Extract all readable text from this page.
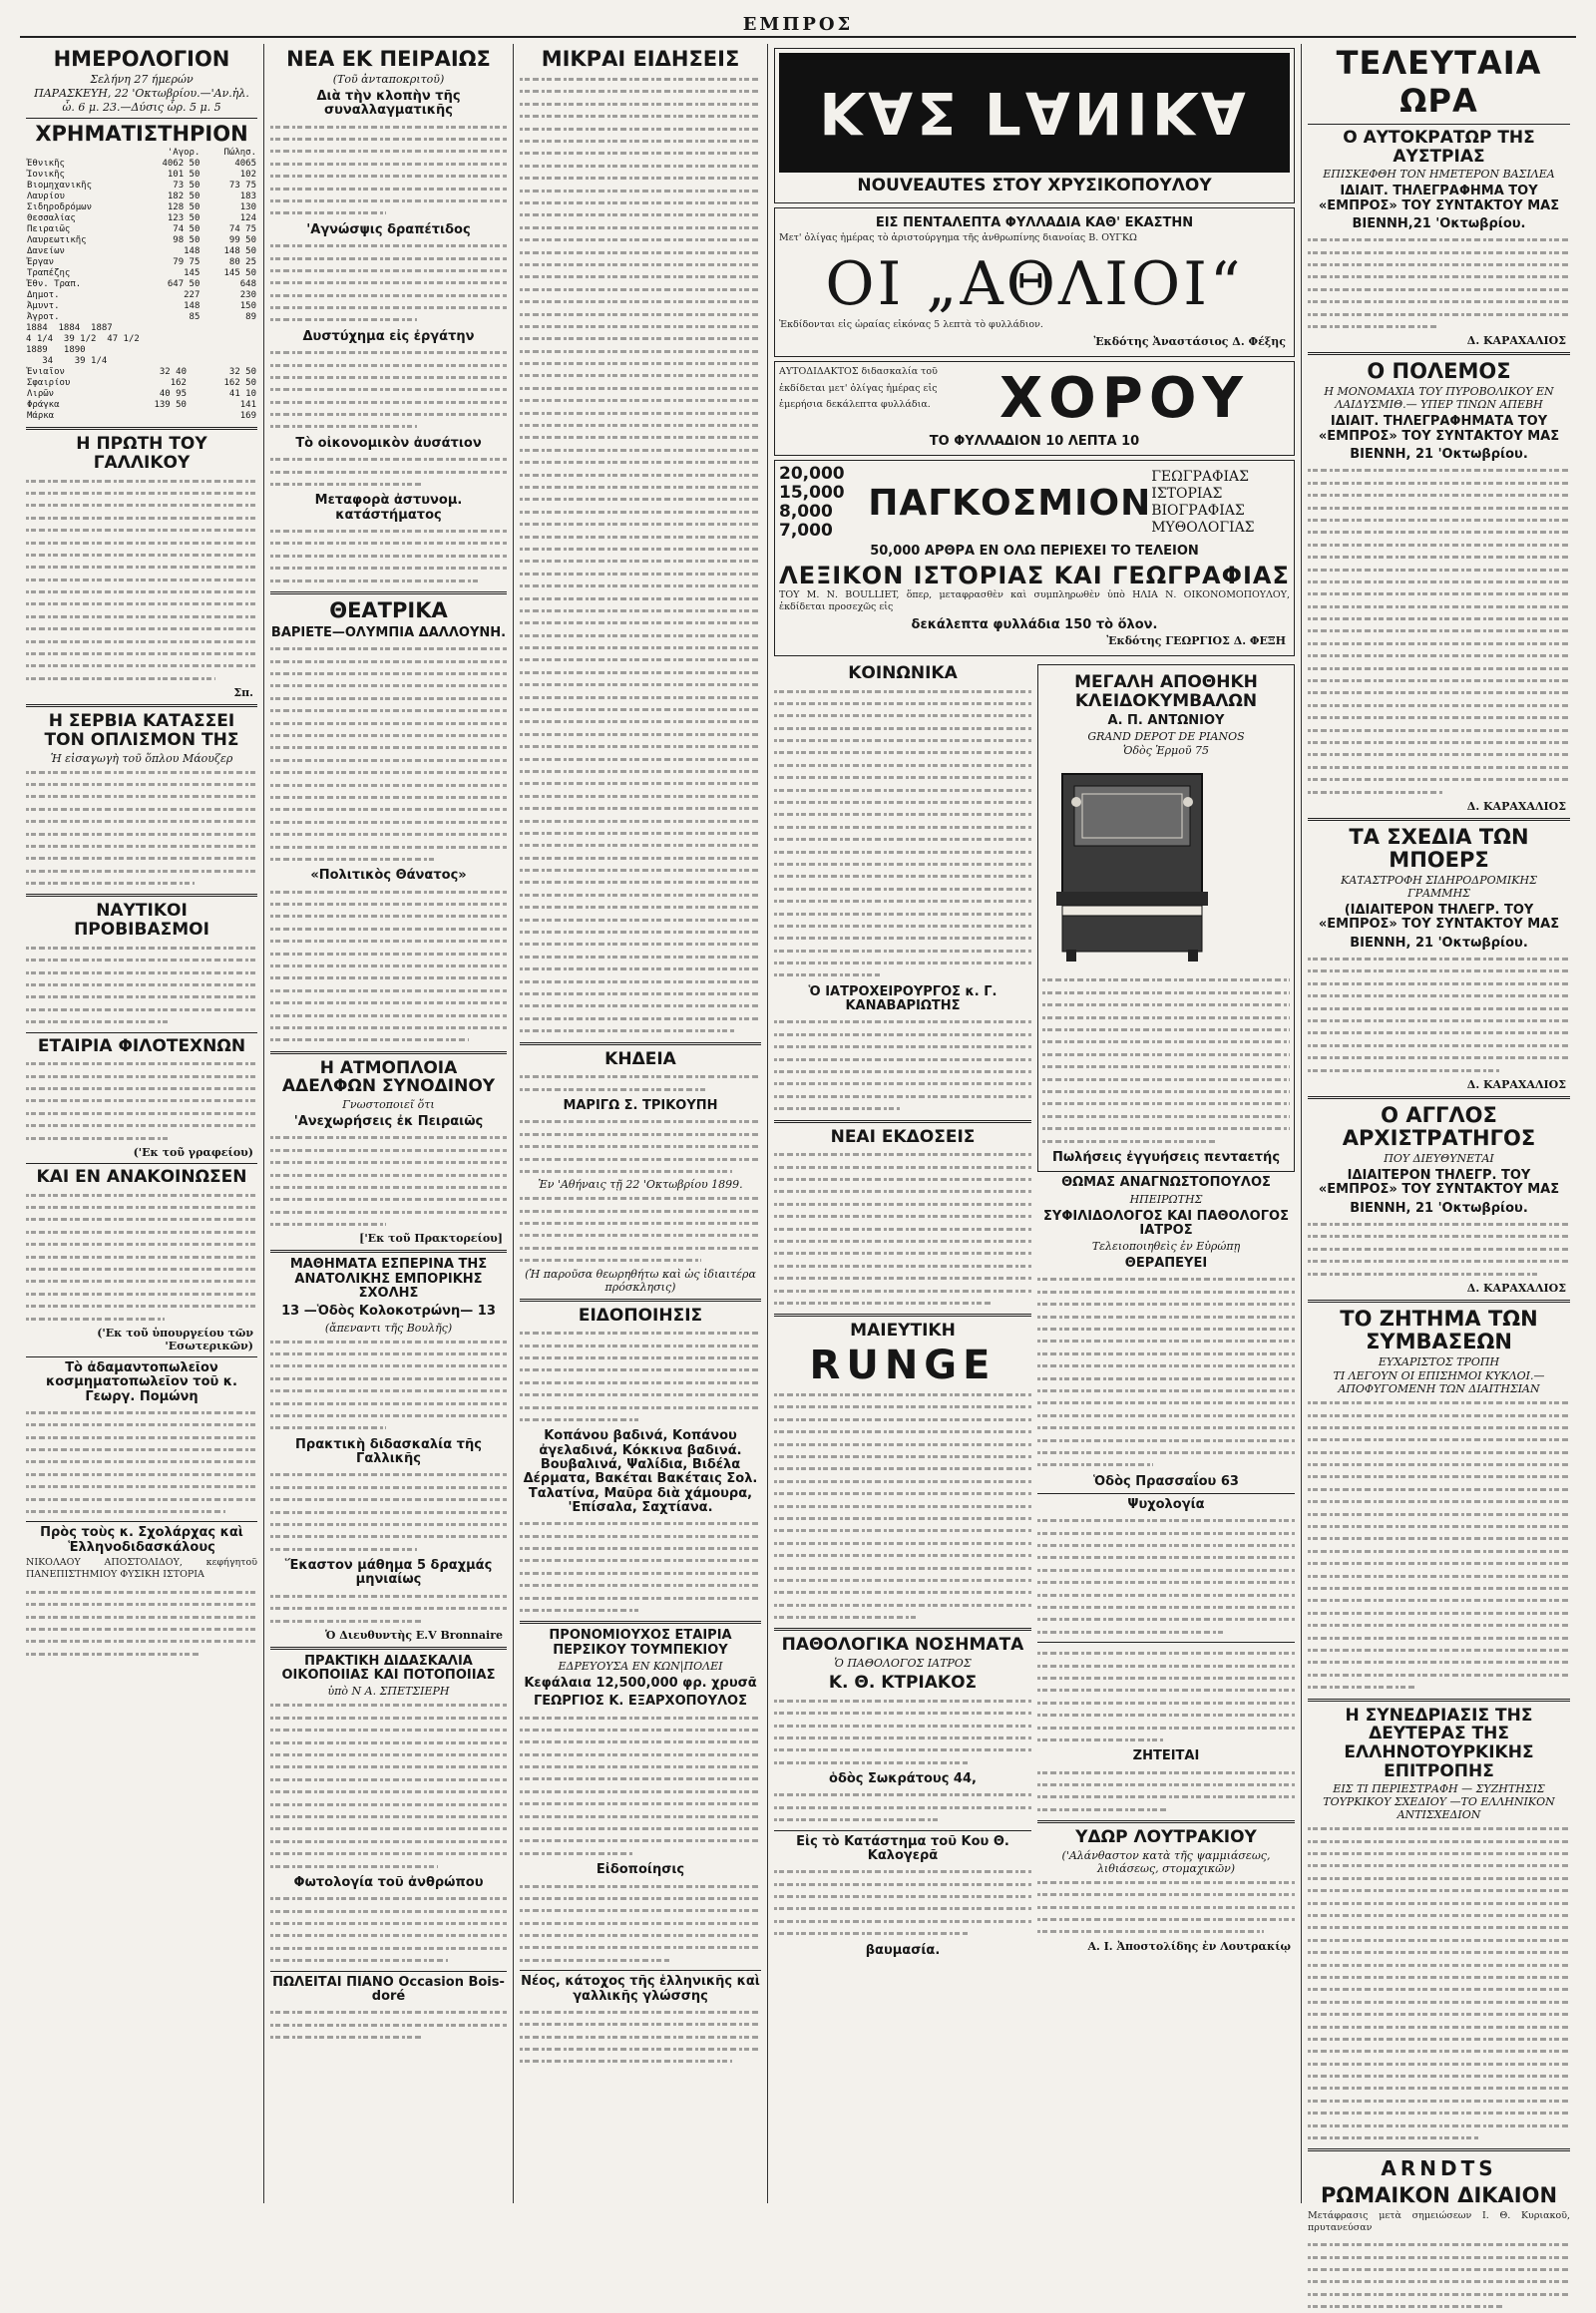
ΕΜΠΡΟΣ
ΗΜΕΡΟΛΟΓΙΟΝ
Σελήνη 27 ήμερών
ΠΑΡΑΣΚΕΥΗ, 22 'Οκτωβρίου.—'Αν.ἡλ.
ὧ. 6 μ. 23.—Δύσις ὧρ. 5 μ. 5
ΧΡΗΜΑΤΙΣΤΗΡΙΟΝ
	'Αγορ.	Πώλησ.
Ἐθνικῆς	4062 50	4065
Ἰονικῆς	101 50	102
Βιομηχανικῆς	73 50	73 75
Λαυρίου	182 50	183
Σιδηροδρόμων	128 50	130
Θεσσαλίας	123 50	124
Πειραιῶς	74 50	74 75
Λαυρεωτικῆς	98 50	99 50
Δανείων	148	148 50
Ἐργαν	79 75	80 25
Τραπέζης	145	145 50
Ἐθν. Τραπ.	647 50	648
Δημοτ.	227	230
Ἀμυντ.	148	150
Ἀγροτ.	85	89
1884  1884  1887
4 1/4  39 1/2  47 1/2
1889   1890
34    39 1/4
Ἑνιαῖον	32 40	32 50
Σφαιρίου	162	162 50
Λιρῶν	40 95	41 10
Φράγκα	139 50	141
Μάρκα		169
Η ΠΡΩΤΗ ΤΟΥ ΓΑΛΛΙΚΟΥ
Σπ.
Η ΣΕΡΒΙΑ ΚΑΤΑΣΣΕΙ ΤΟΝ ΟΠΛΙΣΜΟΝ ΤΗΣ
Ἡ εἰσαγωγὴ τοῦ ὅπλου Μάουζερ
ΝΑΥΤΙΚΟΙ ΠΡΟΒΙΒΑΣΜΟΙ
ΕΤΑΙΡΙΑ ΦΙΛΟΤΕΧΝΩΝ
('Εκ τοῦ γραφείου)
ΚΑΙ ΕΝ ΑΝΑΚΟΙΝΩΣΕΝ
('Εκ τοῦ ὑπουργείου τῶν 'Εσωτερικῶν)
Τὸ ἀδαμαντοπωλεῖον κοσμηματοπωλεῖον τοῦ κ. Γεωργ. Πομώνη
Πρὸς τοὺς κ. Σχολάρχας καὶ Ἑλληνοδιδασκάλους
ΝΙΚΟΛΑΟΥ ΑΠΟΣΤΟΛΙΔΟΥ, κεφήγητοῦ ΠΑΝΕΠΙΣΤΗΜΙΟΥ ΦΥΣΙΚΗ ΙΣΤΟΡΙΑ
ΝΕΑ ΕΚ ΠΕΙΡΑΙΩΣ
(Τοῦ ἀνταποκριτοῦ)
Διὰ τὴν κλοπὴν τῆς συναλλαγματικῆς
'Αγνώσψις δραπέτιδος
Δυστύχημα εἰς ἐργάτην
Τὸ οἰκονομικὸν ἀυσάτιον
Μεταφορὰ ἀστυνομ. κατάστήματος
ΘΕΑΤΡΙΚΑ
ΒΑΡΙΕΤΕ—ΟΛΥΜΠΙΑ ΔΑΛΛΟΥΝΗ.
«Πολιτικὸς Θάνατος»
Η ΑΤΜΟΠΛΟΙΑ ΑΔΕΛΦΩΝ ΣΥΝΟΔΙΝΟΥ
Γνωστοποιεῖ ὅτι
'Ανεχωρήσεις ἐκ Πειραιῶς
['Εκ τοῦ Πρακτορείου]
ΜΑΘΗΜΑΤΑ ΕΣΠΕΡΙΝΑ ΤΗΣ ΑΝΑΤΟΛΙΚΗΣ ΕΜΠΟΡΙΚΗΣ ΣΧΟΛΗΣ
13 —Ὁδὸς Κολοκοτρώνη— 13
(ἄπεναντι τῆς Βουλῆς)
Πρακτικὴ διδασκαλία τῆς Γαλλικῆς
Ἕκαστον μάθημα 5 δραχμάς μηνιαίως
Ὁ Διευθυντὴς E.V Bronnaire
ΠΡΑΚΤΙΚΗ ΔΙΔΑΣΚΑΛΙΑ ΟΙΚΟΠΟΙΙΑΣ ΚΑΙ ΠΟΤΟΠΟΙΙΑΣ
ὑπὸ Ν Α. ΣΠΕΤΣΙΕΡΗ
Φωτολογία τοῦ ἀνθρώπου
ΠΩΛΕΙΤΑΙ ΠΙΑΝΟ Occasion Bois-doré
ΜΙΚΡΑΙ ΕΙΔΗΣΕΙΣ
ΚΗΔΕΙΑ
ΜΑΡΙΓΩ Σ. ΤΡΙΚΟΥΠΗ
Ἐν 'Αθήναις τῇ 22 'Οκτωβρίου 1899.
(Ἡ παροῦσα θεωρηθήτω καὶ ὡς ἰδιαιτέρα πρόσκλησις)
ΕΙΔΟΠΟΙΗΣΙΣ
Κοπάνου βαδινά, Κοπάνου ἀγελαδινά, Κόκκινα βαδινά. Βουβαλινά, Ψαλίδια, Βιδέλα Δέρματα, Βακέται Βακέταις Σολ. Ταλατίνα, Μαῦρα διὰ χάμουρα, 'Επίσαλα, Σαχτίανα.
ΠΡΟΝΟΜΙΟΥΧΟΣ ΕΤΑΙΡΙΑ ΠΕΡΣΙΚΟΥ ΤΟΥΜΠΕΚΙΟΥ
ΕΔΡΕΥΟΥΣΑ ΕΝ ΚΩΝ|ΠΟΛΕΙ
Κεφάλαια 12,500,000 φρ. χρυσᾶ
ΓΕΩΡΓΙΟΣ Κ. ΕΞΑΡΧΟΠΟΥΛΟΣ
Εἰδοποίησις
Νέος, κάτοχος τῆς ἑλληνικῆς καὶ γαλλικῆς γλώσσης
ΚΑΣ ΓΑΝΙΚΑ
NOUVEAUTES ΣΤΟΥ ΧΡΥΣΙΚΟΠΟΥΛΟΥ
ΕΙΣ ΠΕΝΤΑΛΕΠΤΑ ΦΥΛΛΑΔΙΑ ΚΑΘ' ΕΚΑΣΤΗΝ
Μετ' ὀλίγας ἡμέρας τὸ ἀριστούργημα τῆς ἀνθρωπίνης διανοίας Β. ΟΥΓΚΩ
ΟΙ „ΑΘΛΙΟΙ“
Ἐκδίδονται εἰς ὡραίας εἰκόνας 5 λεπτὰ τὸ φυλλάδιον.
Ἐκδότης Ἀναστάσιος Δ. Φέξης
ΑΥΤΟΔΙΔΑΚΤΟΣ διδασκαλία τοῦ
ἐκδίδεται μετ' ὀλίγας ἡμέρας εἰς
ἑμερήσια δεκάλεπτα φυλλάδια.	ΧΟΡΟΥ
ΤΟ ΦΥΛΛΑΔΙΟΝ 10 ΛΕΠΤΑ 10
20,000
15,000
8,000
7,000
ΠΑΓΚΟΣΜΙΟΝ
ΓΕΩΓΡΑΦΙΑΣ
ΙΣΤΟΡΙΑΣ
ΒΙΟΓΡΑΦΙΑΣ
ΜΥΘΟΛΟΓΙΑΣ
50,000 ΑΡΘΡΑ ΕΝ ΟΛΩ ΠΕΡΙΕΧΕΙ ΤΟ ΤΕΛΕΙΟΝ
ΛΕΞΙΚΟΝ ΙΣΤΟΡΙΑΣ ΚΑΙ ΓΕΩΓΡΑΦΙΑΣ
ΤΟΥ Μ. Ν. BOULLIET, ὅπερ, μεταφρασθὲν καὶ συμπληρωθὲν ὑπὸ ΗΛΙΑ Ν. ΟΙΚΟΝΟΜΟΠΟΥΛΟΥ, ἐκδίδεται προσεχῶς εἰς
δεκάλεπτα φυλλάδια 150 τὸ ὅλον.
Ἐκδότης ΓΕΩΡΓΙΟΣ Δ. ΦΕΞΗ
ΚΟΙΝΩΝΙΚΑ
Ὁ ΙΑΤΡΟΧΕΙΡΟΥΡΓΟΣ κ. Γ. ΚΑΝΑΒΑΡΙΩΤΗΣ
ΝΕΑΙ ΕΚΔΟΣΕΙΣ
ΜΑΙΕΥΤΙΚΗ
RUNGE
ΠΑΘΟΛΟΓΙΚΑ ΝΟΣΗΜΑΤΑ
Ὁ ΠΑΘΟΛΟΓΟΣ ΙΑΤΡΟΣ
Κ. Θ. ΚΤΡΙΑΚΟΣ
ὁδὸς Σωκράτους 44,
Εἰς τὸ Κατάστημα τοῦ Κου Θ. Καλογερᾶ
βαυμασία.
ΜΕΓΑΛΗ ΑΠΟΘΗΚΗ ΚΛΕΙΔΟΚΥΜΒΑΛΩΝ
Α. Π. ΑΝΤΩΝΙΟΥ
GRAND DEPOT DE PIANOS
Ὁδὸς Ἑρμοῦ 75
Πωλήσεις ἐγγυήσεις πενταετής
ΘΩΜΑΣ ΑΝΑΓΝΩΣΤΟΠΟΥΛΟΣ
ΗΠΕΙΡΩΤΗΣ
ΣΥΦΙΛΙΔΟΛΟΓΟΣ ΚΑΙ ΠΑΘΟΛΟΓΟΣ ΙΑΤΡΟΣ
Τελειοποιηθεὶς ἐν Εὐρώπῃ
ΘΕΡΑΠΕΥΕΙ
Ὁδὸς Πρασσαΐου 63
Ψυχολογία
ΖΗΤΕΙΤΑΙ
ΥΔΩΡ ΛΟΥΤΡΑΚΙΟΥ
('Αλάνθαστον κατὰ τῆς ψαμμιάσεως, λιθιάσεως, στομαχικῶν)
Α. Ι. Ἀποστολίδης ἐν Λουτρακίῳ
ΤΕΛΕΥΤΑΙΑ ΩΡΑ
Ο ΑΥΤΟΚΡΑΤΩΡ ΤΗΣ ΑΥΣΤΡΙΑΣ
ΕΠΙΣΚΕΦΘΗ ΤΟΝ ΗΜΕΤΕΡΟΝ ΒΑΣΙΛΕΑ
ΙΔΙΑΙΤ. ΤΗΛΕΓΡΑΦΗΜΑ ΤΟΥ «ΕΜΠΡΟΣ» ΤΟΥ ΣΥΝΤΑΚΤΟΥ ΜΑΣ
ΒΙΕΝΝΗ,21 'Οκτωβρίου.
Δ. ΚΑΡΑΧΑΛΙΟΣ
Ο ΠΟΛΕΜΟΣ
Η ΜΟΝΟΜΑΧΙΑ ΤΟΥ ΠΥΡΟΒΟΛΙΚΟΥ ΕΝ ΛΑΙΔΥΣΜΙΘ.— ΥΠΕΡ ΤΙΝΩΝ ΑΠΕΒΗ
ΙΔΙΑΙΤ. ΤΗΛΕΓΡΑΦΗΜΑΤΑ ΤΟΥ «ΕΜΠΡΟΣ» ΤΟΥ ΣΥΝΤΑΚΤΟΥ ΜΑΣ
ΒΙΕΝΝΗ, 21 'Οκτωβρίου.
Δ. ΚΑΡΑΧΑΛΙΟΣ
ΤΑ ΣΧΕΔΙΑ ΤΩΝ ΜΠΟΕΡΣ
ΚΑΤΑΣΤΡΟΦΗ ΣΙΔΗΡΟΔΡΟΜΙΚΗΣ ΓΡΑΜΜΗΣ
(ΙΔΙΑΙΤΕΡΟΝ ΤΗΛΕΓΡ. ΤΟΥ «ΕΜΠΡΟΣ» ΤΟΥ ΣΥΝΤΑΚΤΟΥ ΜΑΣ
ΒΙΕΝΝΗ, 21 'Οκτωβρίου.
Δ. ΚΑΡΑΧΑΛΙΟΣ
Ο ΑΓΓΛΟΣ ΑΡΧΙΣΤΡΑΤΗΓΟΣ
ΠΟΥ ΔΙΕΥΘΥΝΕΤΑΙ
ΙΔΙΑΙΤΕΡΟΝ ΤΗΛΕΓΡ. ΤΟΥ «ΕΜΠΡΟΣ» ΤΟΥ ΣΥΝΤΑΚΤΟΥ ΜΑΣ
ΒΙΕΝΝΗ, 21 'Οκτωβρίου.
Δ. ΚΑΡΑΧΑΛΙΟΣ
ΤΟ ΖΗΤΗΜΑ ΤΩΝ ΣΥΜΒΑΣΕΩΝ
ΕΥΧΑΡΙΣΤΟΣ ΤΡΟΠΗ
ΤΙ ΛΕΓΟΥΝ ΟΙ ΕΠΙΣΗΜΟΙ ΚΥΚΛΟΙ.— ΑΠΟΦΥΓΟΜΕΝΗ ΤΩΝ ΔΙΑΙΤΗΣΙΑΝ
Η ΣΥΝΕΔΡΙΑΣΙΣ ΤΗΣ ΔΕΥΤΕΡΑΣ ΤΗΣ ΕΛΛΗΝΟΤΟΥΡΚΙΚΗΣ ΕΠΙΤΡΟΠΗΣ
ΕΙΣ ΤΙ ΠΕΡΙΕΣΤΡΑΦΗ — ΣΥΖΗΤΗΣΙΣ ΤΟΥΡΚΙΚΟΥ ΣΧΕΔΙΟΥ —ΤΟ ΕΛΛΗΝΙΚΟΝ ΑΝΤΙΣΧΕΔΙΟΝ
ARNDTS
ΡΩΜΑΙΚΟΝ ΔΙΚΑΙΟΝ
Μετάφρασις μετὰ σημειώσεων Ι. Θ. Κυριακοῦ, πρυτανεύσαν
